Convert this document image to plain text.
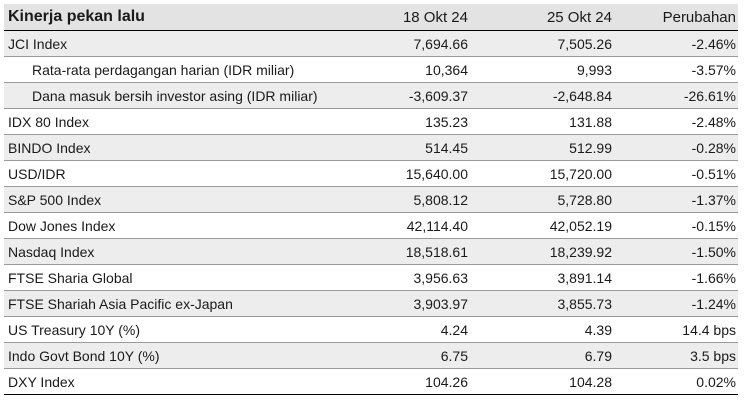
Kinerja pekan lalu	18 Okt 24	25 Okt 24	Perubahan
JCI Index	7,694.66	7,505.26	-2.46%
Rata-rata perdagangan harian (IDR miliar)	10,364	9,993	-3.57%
Dana masuk bersih investor asing (IDR miliar)	-3,609.37	-2,648.84	-26.61%
IDX 80 Index	135.23	131.88	-2.48%
BINDO Index	514.45	512.99	-0.28%
USD/IDR	15,640.00	15,720.00	-0.51%
S&P 500 Index	5,808.12	5,728.80	-1.37%
Dow Jones Index	42,114.40	42,052.19	-0.15%
Nasdaq Index	18,518.61	18,239.92	-1.50%
FTSE Sharia Global	3,956.63	3,891.14	-1.66%
FTSE Shariah Asia Pacific ex-Japan	3,903.97	3,855.73	-1.24%
US Treasury 10Y (%)	4.24	4.39	14.4 bps
Indo Govt Bond 10Y (%)	6.75	6.79	3.5 bps
DXY Index	104.26	104.28	0.02%
